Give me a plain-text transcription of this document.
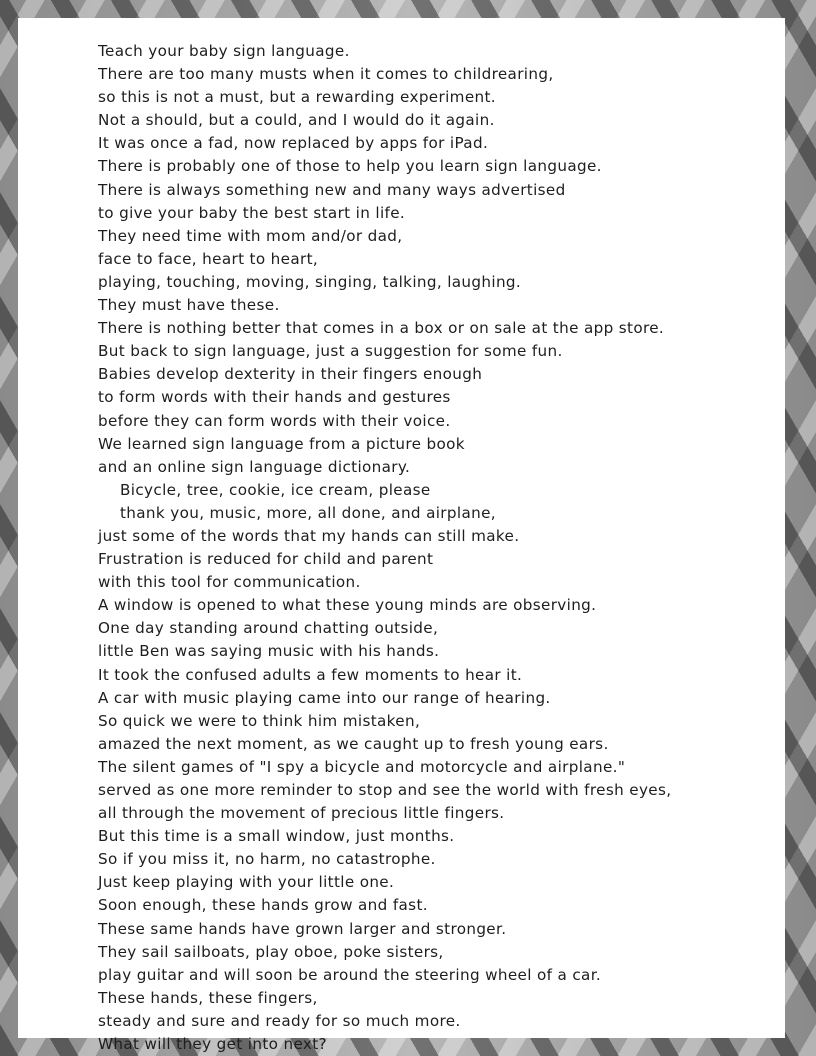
Teach your baby sign language.
There are too many musts when it comes to childrearing,
so this is not a must, but a rewarding experiment.
Not a should, but a could, and I would do it again.
It was once a fad, now replaced by apps for iPad.
There is probably one of those to help you learn sign language.
There is always something new and many ways advertised
to give your baby the best start in life.
They need time with mom and/or dad,
face to face, heart to heart,
playing, touching, moving, singing, talking, laughing.
They must have these.
There is nothing better that comes in a box or on sale at the app store.
But back to sign language, just a suggestion for some fun.
Babies develop dexterity in their fingers enough
to form words with their hands and gestures
before they can form words with their voice.
We learned sign language from a picture book
and an online sign language dictionary.
Bicycle, tree, cookie, ice cream, please
thank you, music, more, all done, and airplane,
just some of the words that my hands can still make.
Frustration is reduced for child and parent
with this tool for communication.
A window is opened to what these young minds are observing.
One day standing around chatting outside,
little Ben was saying music with his hands.
It took the confused adults a few moments to hear it.
A car with music playing came into our range of hearing.
So quick we were to think him mistaken,
amazed the next moment, as we caught up to fresh young ears.
The silent games of "I spy a bicycle and motorcycle and airplane."
served as one more reminder to stop and see the world with fresh eyes,
all through the movement of precious little fingers.
But this time is a small window, just months.
So if you miss it, no harm, no catastrophe.
Just keep playing with your little one.
Soon enough, these hands grow and fast.
These same hands have grown larger and stronger.
They sail sailboats, play oboe, poke sisters,
play guitar and will soon be around the steering wheel of a car.
These hands, these fingers,
steady and sure and ready for so much more.
What will they get into next?
